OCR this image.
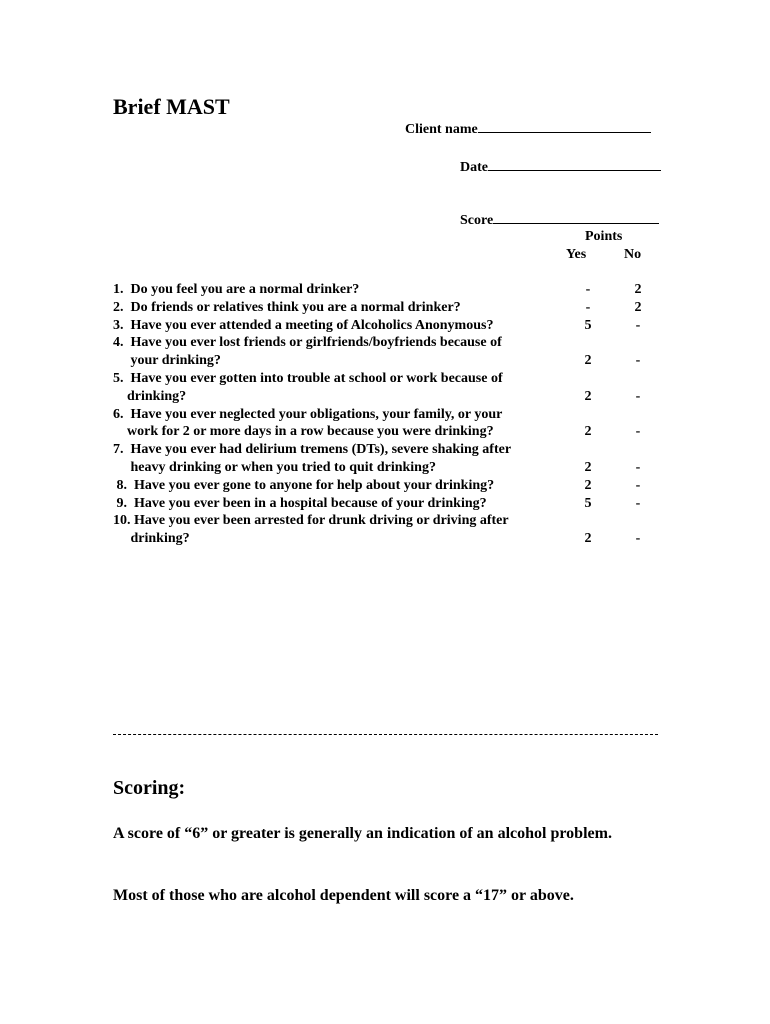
Brief MAST

Client name

Date

Score

Points
Yes	No
1.  Do you feel you are a normal drinker?	-	2
2.  Do friends or relatives think you are a normal drinker?	-	2
3.  Have you ever attended a meeting of Alcoholics Anonymous?	5	-
4.  Have you ever lost friends or girlfriends/boyfriends because of
your drinking?	2	-
5.  Have you ever gotten into trouble at school or work because of
drinking?	2	-
6.  Have you ever neglected your obligations, your family, or your
work for 2 or more days in a row because you were drinking?	2	-
7.  Have you ever had delirium tremens (DTs), severe shaking after
heavy drinking or when you tried to quit drinking?	2	-
8.  Have you ever gone to anyone for help about your drinking?	2	-
9.  Have you ever been in a hospital because of your drinking?	5	-
10. Have you ever been arrested for drunk driving or driving after
drinking?	2	-
Scoring:
A score of “6” or greater is generally an indication of an alcohol problem.
Most of those who are alcohol dependent will score a “17” or above.
